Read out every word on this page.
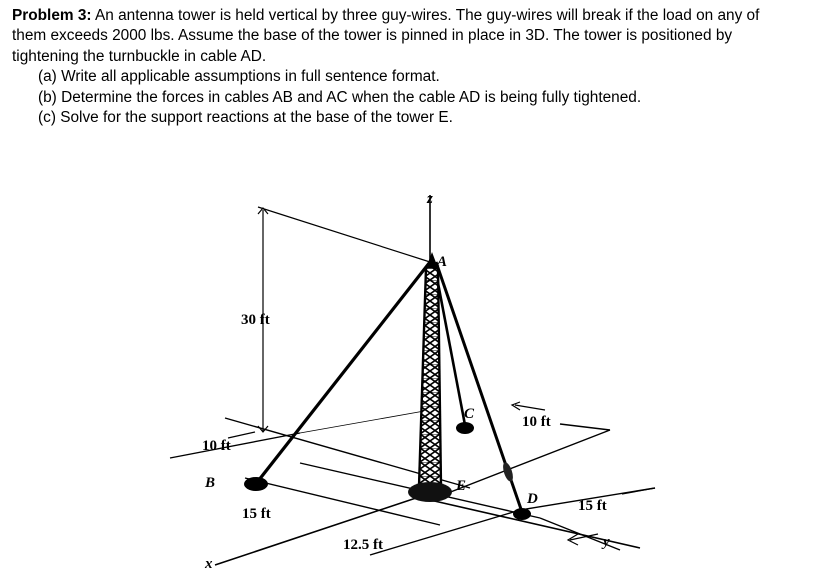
Problem 3: An antenna tower is held vertical by three guy-wires. The guy-wires will break if the load on any of
them exceeds 2000 lbs. Assume the base of the tower is pinned in place in 3D. The tower is positioned by
tightening the turnbuckle in cable AD.
(a) Write all applicable assumptions in full sentence format.
(b) Determine the forces in cables AB and AC when the cable AD is being fully tightened.
(c) Solve for the support reactions at the base of the tower E.
z
A
B
C
D
E
x
y
30 ft
10 ft
15 ft
12.5 ft
10 ft
15 ft
